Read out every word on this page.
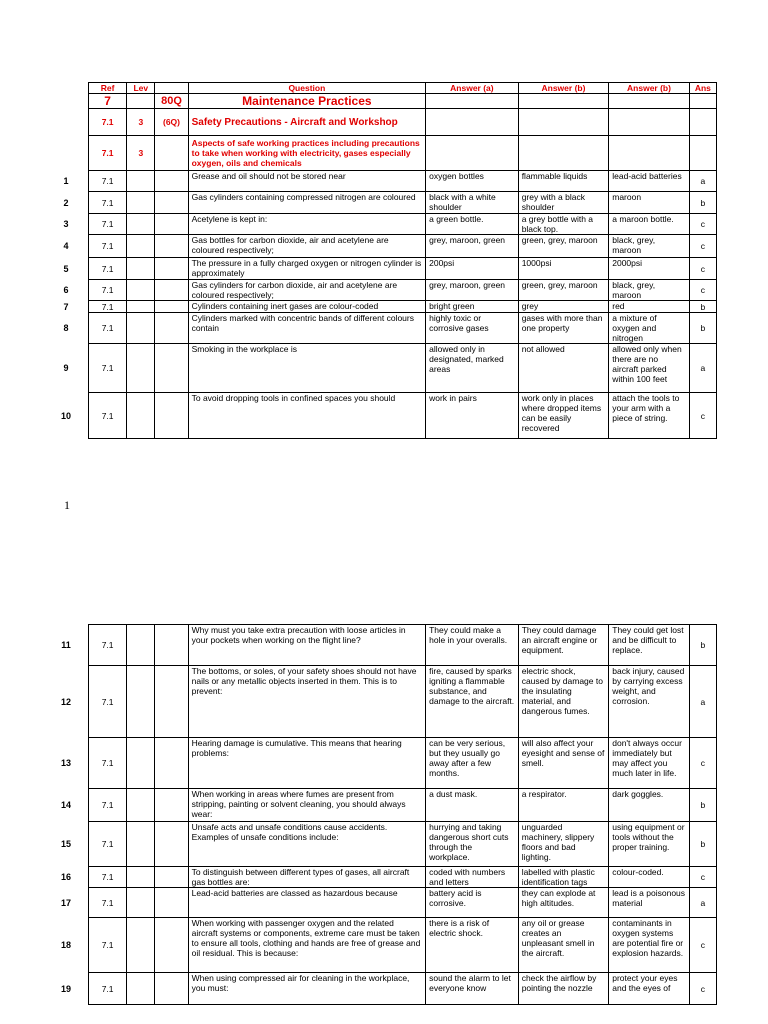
Ref	Lev		Question	Answer (a)	Answer (b)	Answer (b)	Ans
7		80Q	Maintenance Practices				
7.1	3	(6Q)	Safety Precautions - Aircraft and Workshop				
7.1	3		Aspects of safe working practices including precautions to take when working with electricity, gases especially oxygen, oils and chemicals				
7.1			Grease and oil should not be stored near	oxygen bottles	flammable liquids	lead-acid batteries	a
7.1			Gas cylinders containing compressed nitrogen are coloured	black with a white shoulder	grey with a black shoulder	maroon	b
7.1			Acetylene is kept in:	a green bottle.	a grey bottle with a black top.	a maroon bottle.	c
7.1			Gas bottles for carbon dioxide, air and acetylene are coloured respectively;	grey, maroon, green	green, grey, maroon	black, grey, maroon	c
7.1			The pressure in a fully charged oxygen or nitrogen cylinder is approximately	200psi	1000psi	2000psi	c
7.1			Gas cylinders for carbon dioxide, air and acetylene are coloured respectively;	grey, maroon, green	green, grey, maroon	black, grey, maroon	c
7.1			Cylinders containing inert gases are colour-coded	bright green	grey	red	b
7.1			Cylinders marked with concentric bands of different colours contain	highly toxic or corrosive gases	gases with more than one property	a mixture of oxygen and nitrogen	b
7.1			Smoking in the workplace is	allowed only in designated, marked areas	not allowed	allowed only when there are no aircraft parked within 100 feet	a
7.1			To avoid dropping tools in confined spaces you should	work in pairs	work only in places where dropped items can be easily recovered	attach the tools to your arm with a piece of string.	c
1
7.1			Why must you take extra precaution with loose articles in your pockets when working on the flight line?	They could make a hole in your overalls.	They could damage an aircraft engine or equipment.	They could get lost and be difficult to replace.	b
7.1			The bottoms, or soles, of your safety shoes should not have nails or any metallic objects inserted in them. This is to prevent:	fire, caused by sparks igniting a flammable substance, and damage to the aircraft.	electric shock, caused by damage to the insulating material, and dangerous fumes.	back injury, caused by carrying excess weight, and corrosion.	a
7.1			Hearing damage is cumulative. This means that hearing problems:	can be very serious, but they usually go away after a few months.	will also affect your eyesight and sense of smell.	don't always occur immediately but may affect you much later in life.	c
7.1			When working in areas where fumes are present from stripping, painting or solvent cleaning, you should always wear:	a dust mask.	a respirator.	dark goggles.	b
7.1			Unsafe acts and unsafe conditions cause accidents. Examples of unsafe conditions include:	hurrying and taking dangerous short cuts through the workplace.	unguarded machinery, slippery floors and bad lighting.	using equipment or tools without the proper training.	b
7.1			To distinguish between different types of gases, all aircraft gas bottles are:	coded with numbers and letters	labelled with plastic identification tags	colour-coded.	c
7.1			Lead-acid batteries are classed as hazardous because	battery acid is corrosive.	they can explode at high altitudes.	lead is a poisonous material	a
7.1			When working with passenger oxygen and the related aircraft systems or components, extreme care must be taken to ensure all tools, clothing and hands are free of grease and oil residual. This is because:	there is a risk of electric shock.	any oil or grease creates an unpleasant smell in the aircraft.	contaminants in oxygen systems are potential fire or explosion hazards.	c
7.1			When using compressed air for cleaning in the workplace, you must:	sound the alarm to let everyone know	check the airflow by pointing the nozzle	protect your eyes and the eyes of	c
1
2
3
4
5
6
7
8
9
10
11
12
13
14
15
16
17
18
19
